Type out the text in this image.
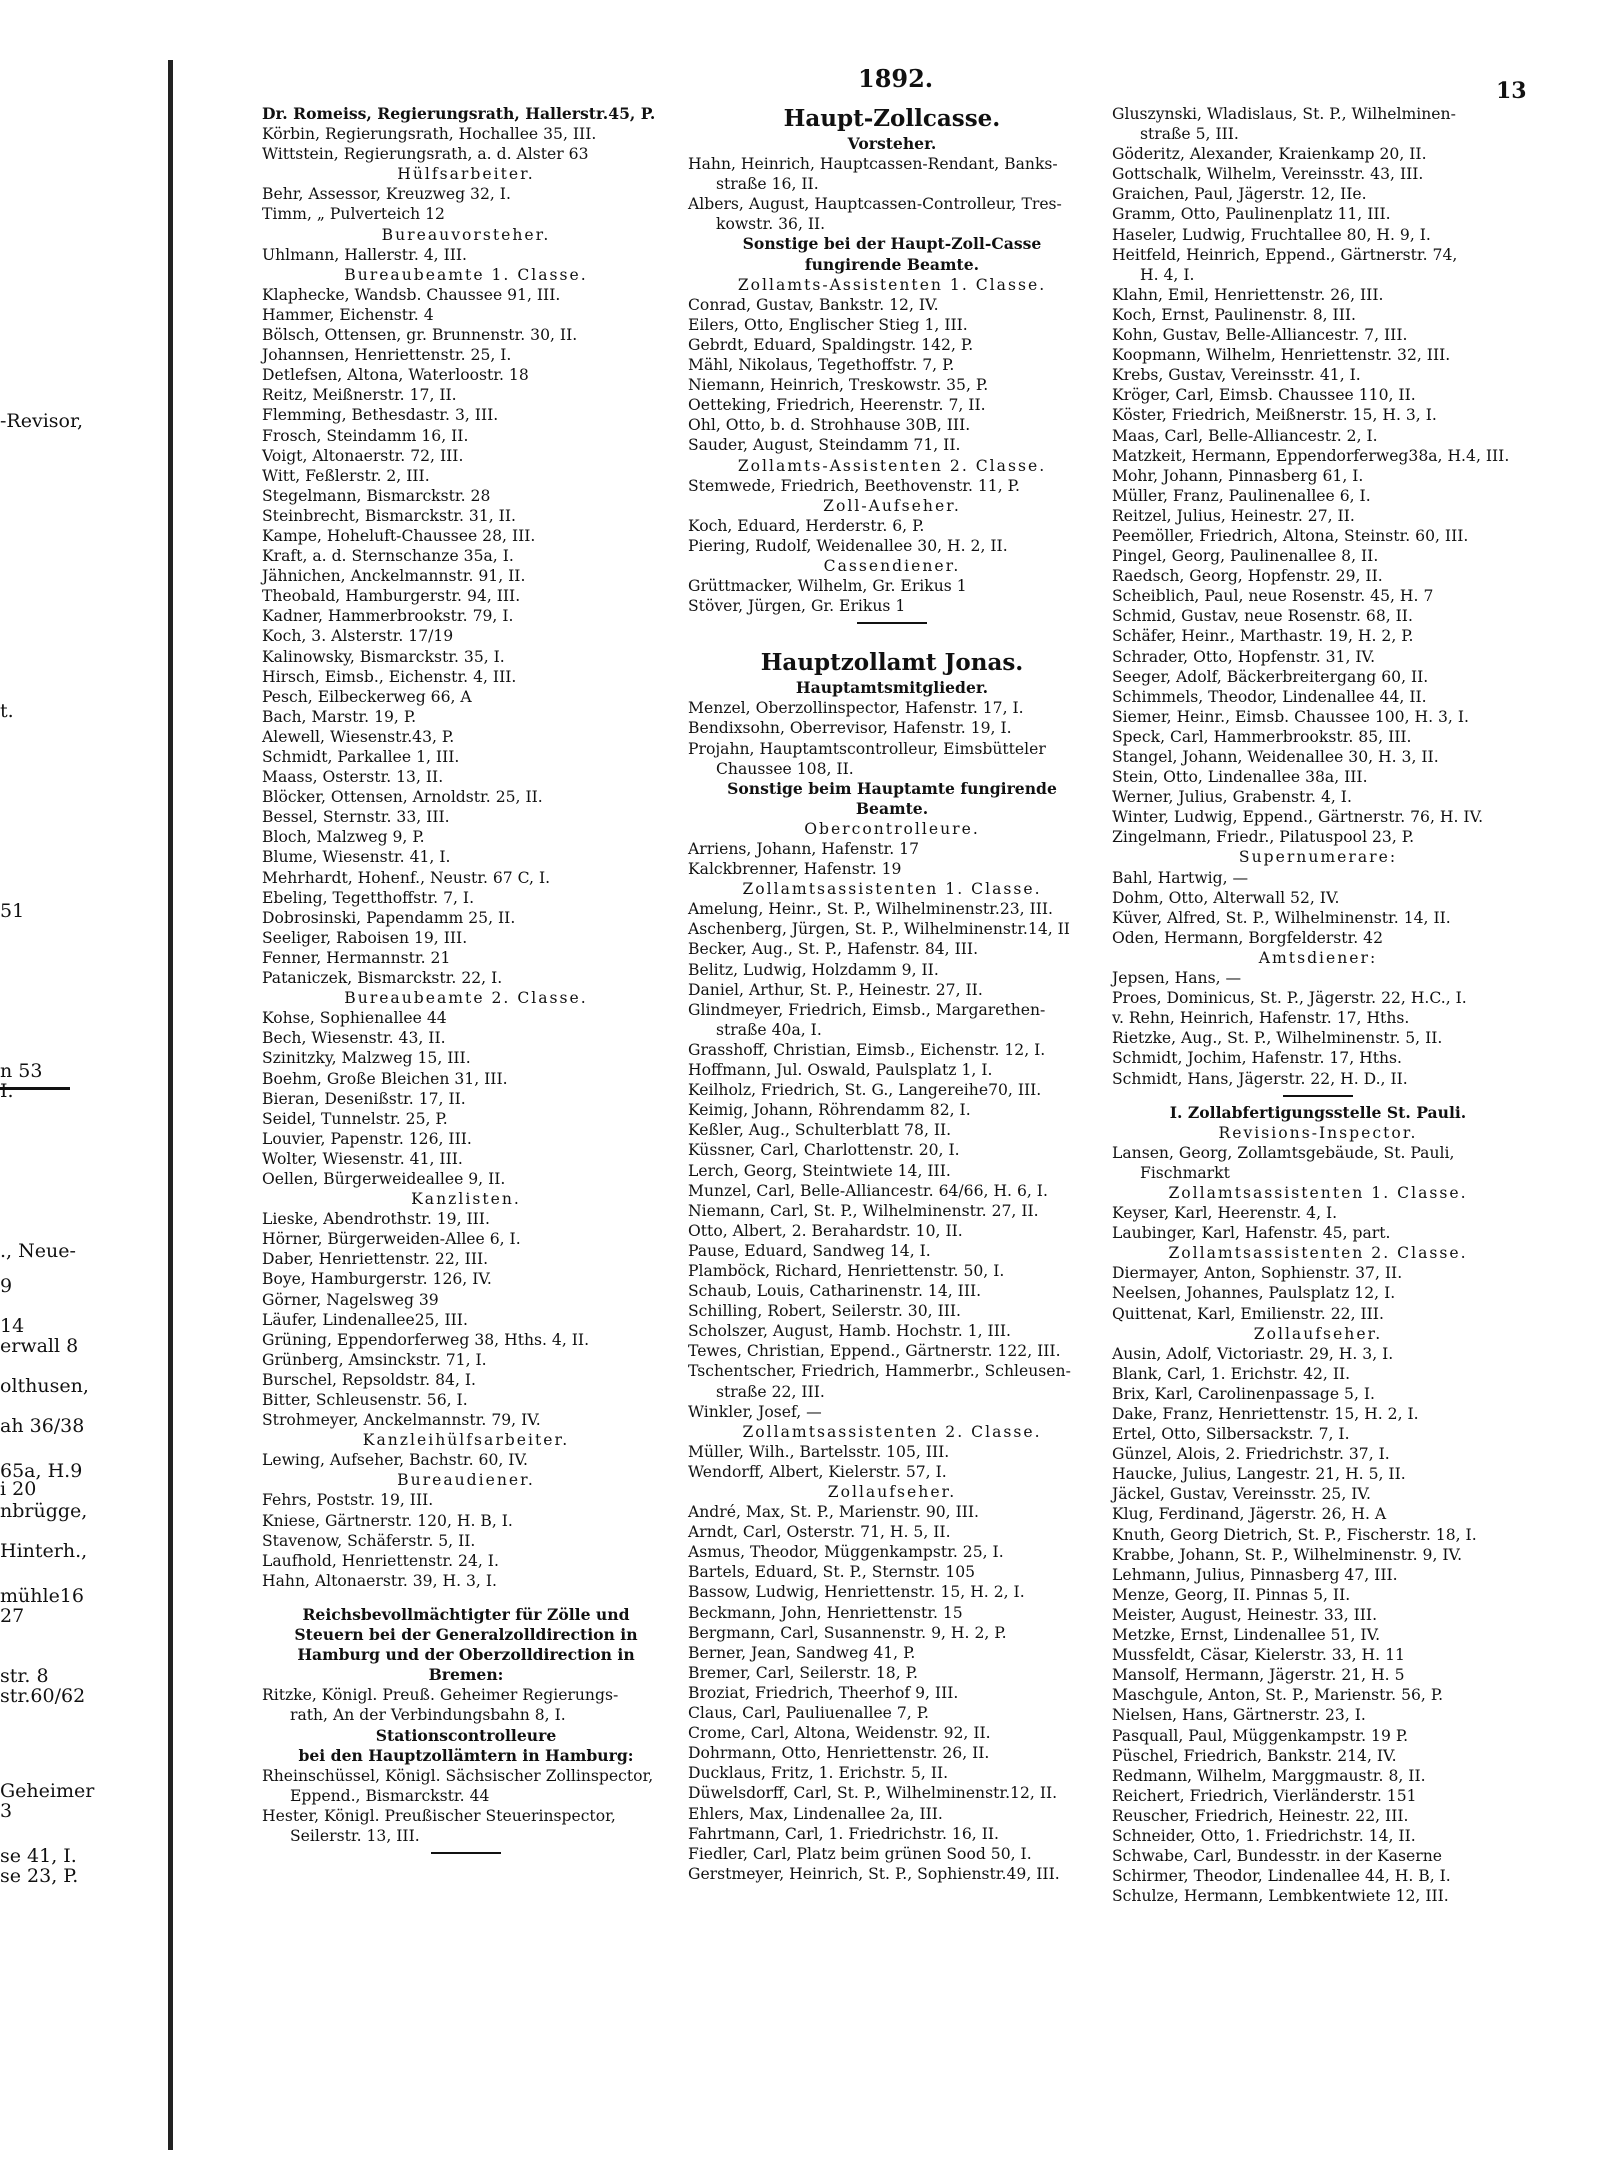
-Revisor,
t.
51
n 53
I.
., Neue-
9
14
erwall 8
olthusen,
ah 36/38
65a, H.9
i 20
nbrügge,
Hinterh.,
mühle16
27
str. 8
str.60/62
Geheimer
3
se 41, I.
se 23, P.
1892.	13
Dr. Romeiss, Regierungsrath, Hallerstr.45, P.
Körbin, Regierungsrath, Hochallee 35, III.
Wittstein, Regierungsrath, a. d. Alster 63
Hülfsarbeiter.
Behr, Assessor, Kreuzweg 32, I.
Timm, „ Pulverteich 12
Bureauvorsteher.
Uhlmann, Hallerstr. 4, III.
Bureaubeamte 1. Classe.
Klaphecke, Wandsb. Chaussee 91, III.
Hammer, Eichenstr. 4
Bölsch, Ottensen, gr. Brunnenstr. 30, II.
Johannsen, Henriettenstr. 25, I.
Detlefsen, Altona, Waterloostr. 18
Reitz, Meißnerstr. 17, II.
Flemming, Bethesdastr. 3, III.
Frosch, Steindamm 16, II.
Voigt, Altonaerstr. 72, III.
Witt, Feßlerstr. 2, III.
Stegelmann, Bismarckstr. 28
Steinbrecht, Bismarckstr. 31, II.
Kampe, Hoheluft-Chaussee 28, III.
Kraft, a. d. Sternschanze 35a, I.
Jähnichen, Anckelmannstr. 91, II.
Theobald, Hamburgerstr. 94, III.
Kadner, Hammerbrookstr. 79, I.
Koch, 3. Alsterstr. 17/19
Kalinowsky, Bismarckstr. 35, I.
Hirsch, Eimsb., Eichenstr. 4, III.
Pesch, Eilbeckerweg 66, A
Bach, Marstr. 19, P.
Alewell, Wiesenstr.43, P.
Schmidt, Parkallee 1, III.
Maass, Osterstr. 13, II.
Blöcker, Ottensen, Arnoldstr. 25, II.
Bessel, Sternstr. 33, III.
Bloch, Malzweg 9, P.
Blume, Wiesenstr. 41, I.
Mehrhardt, Hohenf., Neustr. 67 C, I.
Ebeling, Tegetthoffstr. 7, I.
Dobrosinski, Papendamm 25, II.
Seeliger, Raboisen 19, III.
Fenner, Hermannstr. 21
Pataniczek, Bismarckstr. 22, I.
Bureaubeamte 2. Classe.
Kohse, Sophienallee 44
Bech, Wiesenstr. 43, II.
Szinitzky, Malzweg 15, III.
Boehm, Große Bleichen 31, III.
Bieran, Desenißstr. 17, II.
Seidel, Tunnelstr. 25, P.
Louvier, Papenstr. 126, III.
Wolter, Wiesenstr. 41, III.
Oellen, Bürgerweideallee 9, II.
Kanzlisten.
Lieske, Abendrothstr. 19, III.
Hörner, Bürgerweiden-Allee 6, I.
Daber, Henriettenstr. 22, III.
Boye, Hamburgerstr. 126, IV.
Görner, Nagelsweg 39
Läufer, Lindenallee25, III.
Grüning, Eppendorferweg 38, Hths. 4, II.
Grünberg, Amsinckstr. 71, I.
Burschel, Repsoldstr. 84, I.
Bitter, Schleusenstr. 56, I.
Strohmeyer, Anckelmannstr. 79, IV.
Kanzleihülfsarbeiter.
Lewing, Aufseher, Bachstr. 60, IV.
Bureaudiener.
Fehrs, Poststr. 19, III.
Kniese, Gärtnerstr. 120, H. B, I.
Stavenow, Schäferstr. 5, II.
Laufhold, Henriettenstr. 24, I.
Hahn, Altonaerstr. 39, H. 3, I.
Reichsbevollmächtigter für Zölle und
Steuern bei der Generalzolldirection in
Hamburg und der Oberzolldirection in
Bremen:
Ritzke, Königl. Preuß. Geheimer Regierungs-
rath, An der Verbindungsbahn 8, I.
Stationscontrolleure
bei den Hauptzollämtern in Hamburg:
Rheinschüssel, Königl. Sächsischer Zollinspector,
Eppend., Bismarckstr. 44
Hester, Königl. Preußischer Steuerinspector,
Seilerstr. 13, III.
Haupt-Zollcasse.
Vorsteher.
Hahn, Heinrich, Hauptcassen-Rendant, Banks-
straße 16, II.
Albers, August, Hauptcassen-Controlleur, Tres-
kowstr. 36, II.
Sonstige bei der Haupt-Zoll-Casse
fungirende Beamte.
Zollamts-Assistenten 1. Classe.
Conrad, Gustav, Bankstr. 12, IV.
Eilers, Otto, Englischer Stieg 1, III.
Gebrdt, Eduard, Spaldingstr. 142, P.
Mähl, Nikolaus, Tegethoffstr. 7, P.
Niemann, Heinrich, Treskowstr. 35, P.
Oetteking, Friedrich, Heerenstr. 7, II.
Ohl, Otto, b. d. Strohhause 30B, III.
Sauder, August, Steindamm 71, II.
Zollamts-Assistenten 2. Classe.
Stemwede, Friedrich, Beethovenstr. 11, P.
Zoll-Aufseher.
Koch, Eduard, Herderstr. 6, P.
Piering, Rudolf, Weidenallee 30, H. 2, II.
Cassendiener.
Grüttmacker, Wilhelm, Gr. Erikus 1
Stöver, Jürgen, Gr. Erikus 1
Hauptzollamt Jonas.
Hauptamtsmitglieder.
Menzel, Oberzollinspector, Hafenstr. 17, I.
Bendixsohn, Oberrevisor, Hafenstr. 19, I.
Projahn, Hauptamtscontrolleur, Eimsbütteler
Chaussee 108, II.
Sonstige beim Hauptamte fungirende
Beamte.
Obercontrolleure.
Arriens, Johann, Hafenstr. 17
Kalckbrenner, Hafenstr. 19
Zollamtsassistenten 1. Classe.
Amelung, Heinr., St. P., Wilhelminenstr.23, III.
Aschenberg, Jürgen, St. P., Wilhelminenstr.14, II
Becker, Aug., St. P., Hafenstr. 84, III.
Belitz, Ludwig, Holzdamm 9, II.
Daniel, Arthur, St. P., Heinestr. 27, II.
Glindmeyer, Friedrich, Eimsb., Margarethen-
straße 40a, I.
Grasshoff, Christian, Eimsb., Eichenstr. 12, I.
Hoffmann, Jul. Oswald, Paulsplatz 1, I.
Keilholz, Friedrich, St. G., Langereihe70, III.
Keimig, Johann, Röhrendamm 82, I.
Keßler, Aug., Schulterblatt 78, II.
Küssner, Carl, Charlottenstr. 20, I.
Lerch, Georg, Steintwiete 14, III.
Munzel, Carl, Belle-Alliancestr. 64/66, H. 6, I.
Niemann, Carl, St. P., Wilhelminenstr. 27, II.
Otto, Albert, 2. Berahardstr. 10, II.
Pause, Eduard, Sandweg 14, I.
Plamböck, Richard, Henriettenstr. 50, I.
Schaub, Louis, Catharinenstr. 14, III.
Schilling, Robert, Seilerstr. 30, III.
Scholszer, August, Hamb. Hochstr. 1, III.
Tewes, Christian, Eppend., Gärtnerstr. 122, III.
Tschentscher, Friedrich, Hammerbr., Schleusen-
straße 22, III.
Winkler, Josef, —
Zollamtsassistenten 2. Classe.
Müller, Wilh., Bartelsstr. 105, III.
Wendorff, Albert, Kielerstr. 57, I.
Zollaufseher.
André, Max, St. P., Marienstr. 90, III.
Arndt, Carl, Osterstr. 71, H. 5, II.
Asmus, Theodor, Müggenkampstr. 25, I.
Bartels, Eduard, St. P., Sternstr. 105
Bassow, Ludwig, Henriettenstr. 15, H. 2, I.
Beckmann, John, Henriettenstr. 15
Bergmann, Carl, Susannenstr. 9, H. 2, P.
Berner, Jean, Sandweg 41, P.
Bremer, Carl, Seilerstr. 18, P.
Broziat, Friedrich, Theerhof 9, III.
Claus, Carl, Pauliuenallee 7, P.
Crome, Carl, Altona, Weidenstr. 92, II.
Dohrmann, Otto, Henriettenstr. 26, II.
Ducklaus, Fritz, 1. Erichstr. 5, II.
Düwelsdorff, Carl, St. P., Wilhelminenstr.12, II.
Ehlers, Max, Lindenallee 2a, III.
Fahrtmann, Carl, 1. Friedrichstr. 16, II.
Fiedler, Carl, Platz beim grünen Sood 50, I.
Gerstmeyer, Heinrich, St. P., Sophienstr.49, III.
Gluszynski, Wladislaus, St. P., Wilhelminen-
straße 5, III.
Göderitz, Alexander, Kraienkamp 20, II.
Gottschalk, Wilhelm, Vereinsstr. 43, III.
Graichen, Paul, Jägerstr. 12, IIe.
Gramm, Otto, Paulinenplatz 11, III.
Haseler, Ludwig, Fruchtallee 80, H. 9, I.
Heitfeld, Heinrich, Eppend., Gärtnerstr. 74,
H. 4, I.
Klahn, Emil, Henriettenstr. 26, III.
Koch, Ernst, Paulinenstr. 8, III.
Kohn, Gustav, Belle-Alliancestr. 7, III.
Koopmann, Wilhelm, Henriettenstr. 32, III.
Krebs, Gustav, Vereinsstr. 41, I.
Kröger, Carl, Eimsb. Chaussee 110, II.
Köster, Friedrich, Meißnerstr. 15, H. 3, I.
Maas, Carl, Belle-Alliancestr. 2, I.
Matzkeit, Hermann, Eppendorferweg38a, H.4, III.
Mohr, Johann, Pinnasberg 61, I.
Müller, Franz, Paulinenallee 6, I.
Reitzel, Julius, Heinestr. 27, II.
Peemöller, Friedrich, Altona, Steinstr. 60, III.
Pingel, Georg, Paulinenallee 8, II.
Raedsch, Georg, Hopfenstr. 29, II.
Scheiblich, Paul, neue Rosenstr. 45, H. 7
Schmid, Gustav, neue Rosenstr. 68, II.
Schäfer, Heinr., Marthastr. 19, H. 2, P.
Schrader, Otto, Hopfenstr. 31, IV.
Seeger, Adolf, Bäckerbreitergang 60, II.
Schimmels, Theodor, Lindenallee 44, II.
Siemer, Heinr., Eimsb. Chaussee 100, H. 3, I.
Speck, Carl, Hammerbrookstr. 85, III.
Stangel, Johann, Weidenallee 30, H. 3, II.
Stein, Otto, Lindenallee 38a, III.
Werner, Julius, Grabenstr. 4, I.
Winter, Ludwig, Eppend., Gärtnerstr. 76, H. IV.
Zingelmann, Friedr., Pilatuspool 23, P.
Supernumerare:
Bahl, Hartwig, —
Dohm, Otto, Alterwall 52, IV.
Küver, Alfred, St. P., Wilhelminenstr. 14, II.
Oden, Hermann, Borgfelderstr. 42
Amtsdiener:
Jepsen, Hans, —
Proes, Dominicus, St. P., Jägerstr. 22, H.C., I.
v. Rehn, Heinrich, Hafenstr. 17, Hths.
Rietzke, Aug., St. P., Wilhelminenstr. 5, II.
Schmidt, Jochim, Hafenstr. 17, Hths.
Schmidt, Hans, Jägerstr. 22, H. D., II.
I. Zollabfertigungsstelle St. Pauli.
Revisions-Inspector.
Lansen, Georg, Zollamtsgebäude, St. Pauli,
Fischmarkt
Zollamtsassistenten 1. Classe.
Keyser, Karl, Heerenstr. 4, I.
Laubinger, Karl, Hafenstr. 45, part.
Zollamtsassistenten 2. Classe.
Diermayer, Anton, Sophienstr. 37, II.
Neelsen, Johannes, Paulsplatz 12, I.
Quittenat, Karl, Emilienstr. 22, III.
Zollaufseher.
Ausin, Adolf, Victoriastr. 29, H. 3, I.
Blank, Carl, 1. Erichstr. 42, II.
Brix, Karl, Carolinenpassage 5, I.
Dake, Franz, Henriettenstr. 15, H. 2, I.
Ertel, Otto, Silbersackstr. 7, I.
Günzel, Alois, 2. Friedrichstr. 37, I.
Haucke, Julius, Langestr. 21, H. 5, II.
Jäckel, Gustav, Vereinsstr. 25, IV.
Klug, Ferdinand, Jägerstr. 26, H. A
Knuth, Georg Dietrich, St. P., Fischerstr. 18, I.
Krabbe, Johann, St. P., Wilhelminenstr. 9, IV.
Lehmann, Julius, Pinnasberg 47, III.
Menze, Georg, II. Pinnas 5, II.
Meister, August, Heinestr. 33, III.
Metzke, Ernst, Lindenallee 51, IV.
Mussfeldt, Cäsar, Kielerstr. 33, H. 11
Mansolf, Hermann, Jägerstr. 21, H. 5
Maschgule, Anton, St. P., Marienstr. 56, P.
Nielsen, Hans, Gärtnerstr. 23, I.
Pasquall, Paul, Müggenkampstr. 19 P.
Püschel, Friedrich, Bankstr. 214, IV.
Redmann, Wilhelm, Marggmaustr. 8, II.
Reichert, Friedrich, Vierländerstr. 151
Reuscher, Friedrich, Heinestr. 22, III.
Schneider, Otto, 1. Friedrichstr. 14, II.
Schwabe, Carl, Bundesstr. in der Kaserne
Schirmer, Theodor, Lindenallee 44, H. B, I.
Schulze, Hermann, Lembkentwiete 12, III.
